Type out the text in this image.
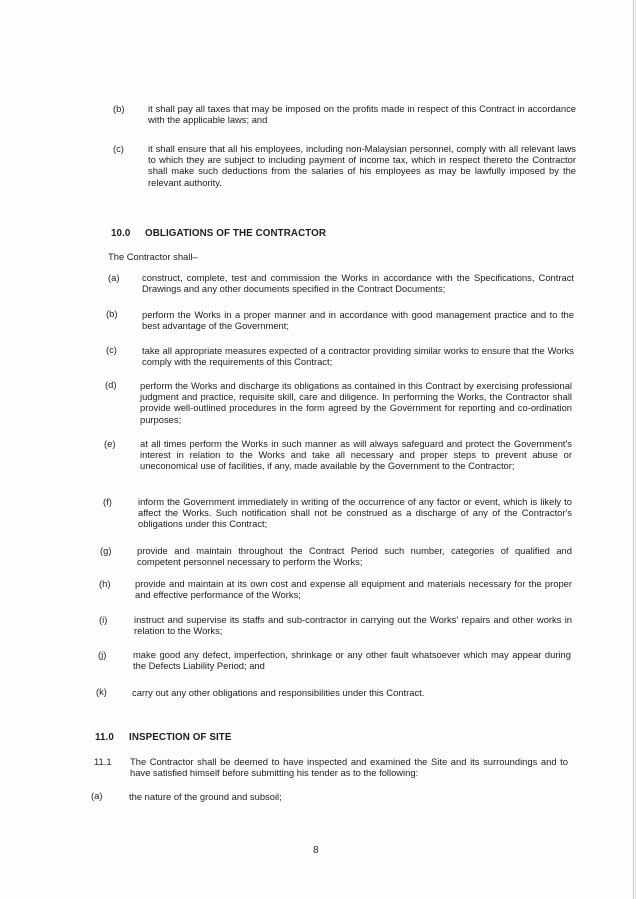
(b)	it shall pay all taxes that may be imposed on the profits made in respect of this Contract in accordance with the applicable laws; and
(c)	it shall ensure that all his employees, including non-Malaysian personnel, comply with all relevant laws to which they are subject to including payment of income tax, which in respect thereto the Contractor shall make such deductions from the salaries of his employees as may be lawfully imposed by the relevant authority.
10.0 OBLIGATIONS OF THE CONTRACTOR
The Contractor shall–
(a) construct, complete, test and commission the Works in accordance with the Specifications, Contract Drawings and any other documents specified in the Contract Documents;
(b)	perform the Works in a proper manner and in accordance with good management practice and to the best advantage of the Government;
(c)	take all appropriate measures expected of a contractor providing similar works to ensure that the Works comply with the requirements of this Contract;
(d)	perform the Works and discharge its obligations as contained in this Contract by exercising professional judgment and practice, requisite skill, care and diligence. In performing the Works, the Contractor shall provide well-outlined procedures in the form agreed by the Government for reporting and co-ordination purposes;
(e)	at all times perform the Works in such manner as will always safeguard and protect the Government's interest in relation to the Works and take all necessary and proper steps to prevent abuse or uneconomical use of facilities, if any, made available by the Government to the Contractor;
(f)	inform the Government immediately in writing of the occurrence of any factor or event, which is likely to affect the Works. Such notification shall not be construed as a discharge of any of the Contractor's obligations under this Contract;
(g)	provide and maintain throughout the Contract Period such number, categories of qualified and competent personnel necessary to perform the Works;
(h)	provide and maintain at its own cost and expense all equipment and materials necessary for the proper and effective performance of the Works;
(i)	instruct and supervise its staffs and sub-contractor in carrying out the Works' repairs and other works in relation to the Works;
(j)	make good any defect, imperfection, shrinkage or any other fault whatsoever which may appear during the Defects Liability Period; and
(k)	carry out any other obligations and responsibilities under this Contract.
11.0 INSPECTION OF SITE
11.1 The Contractor shall be deemed to have inspected and examined the Site and its surroundings and to have satisfied himself before submitting his tender as to the following:
(a)	the nature of the ground and subsoil;
8
